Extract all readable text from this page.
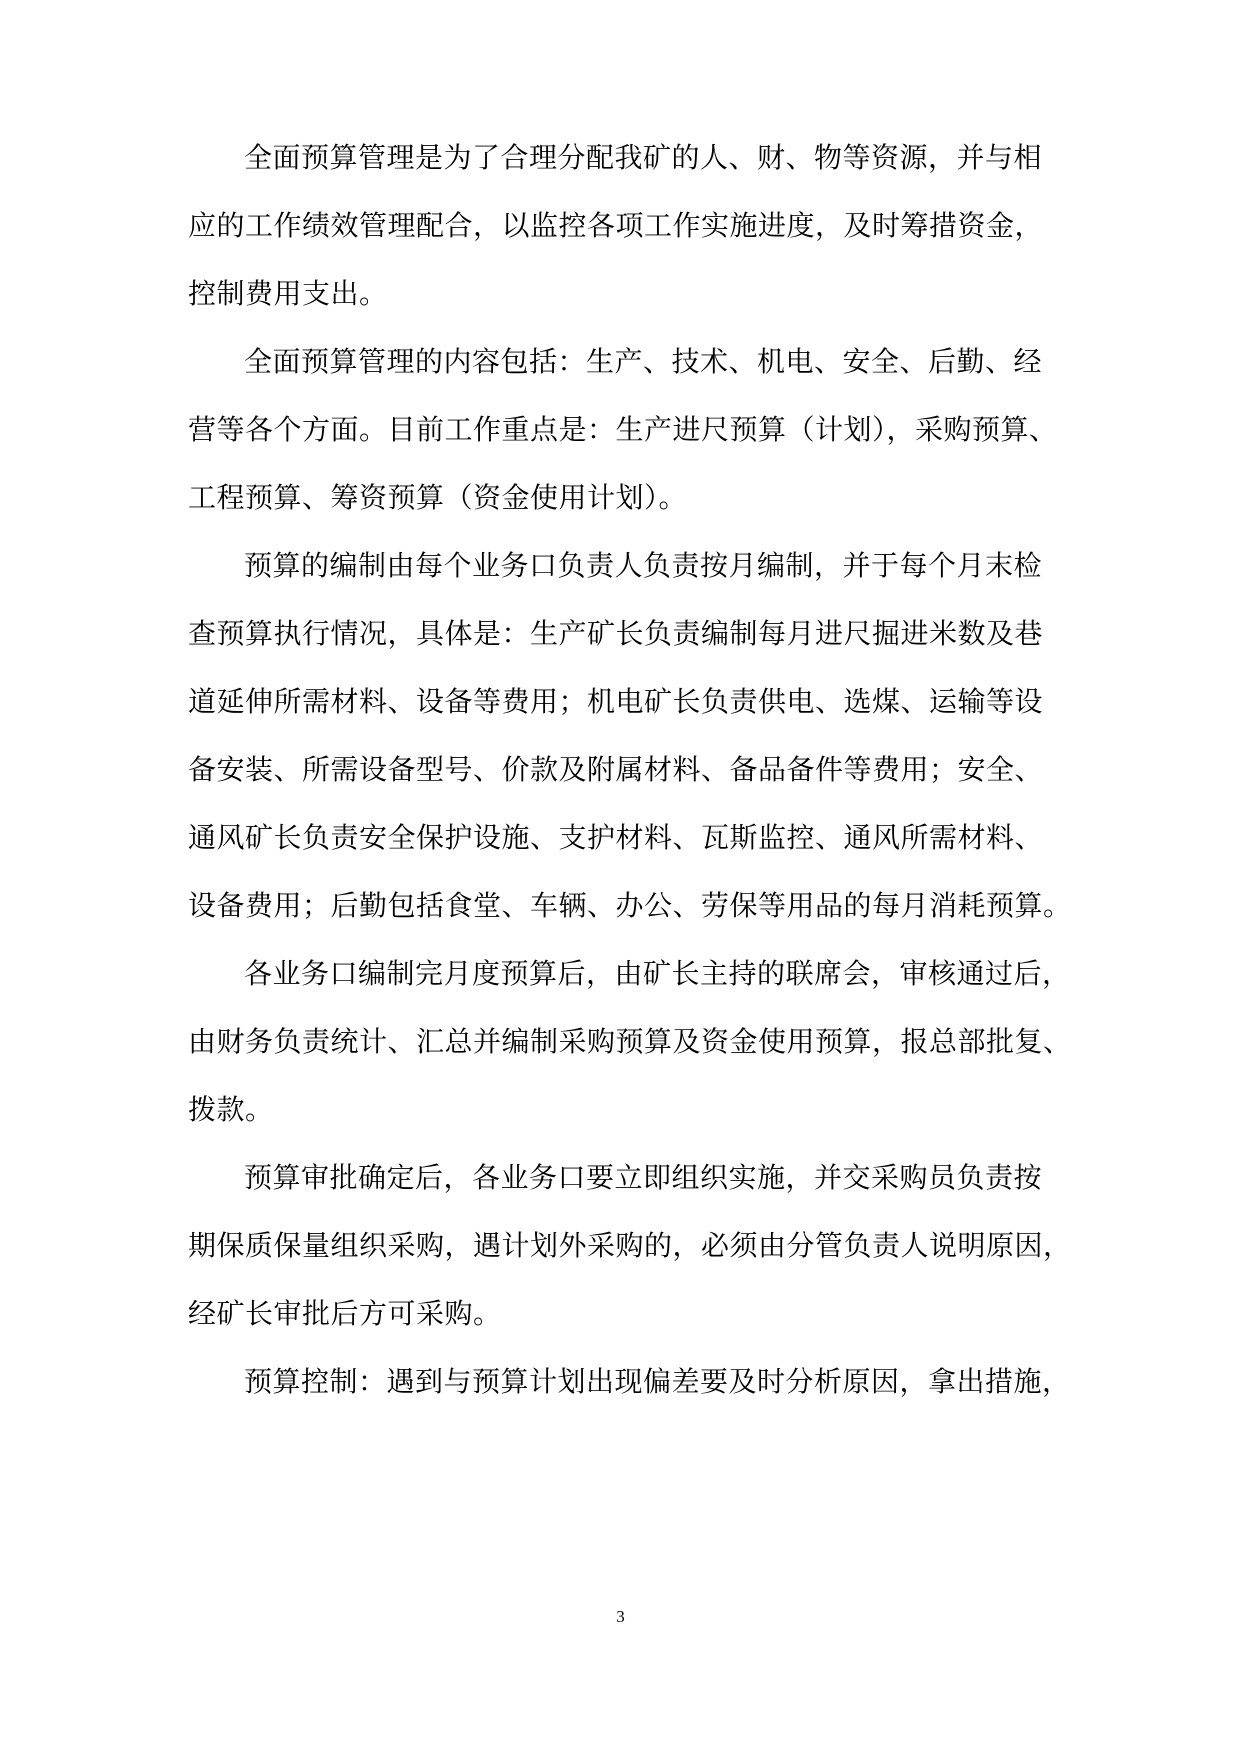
全面预算管理是为了合理分配我矿的人、财、物等资源，并与相
应的工作绩效管理配合，以监控各项工作实施进度，及时筹措资金，
控制费用支出。
全面预算管理的内容包括：生产、技术、机电、安全、后勤、经
营等各个方面。目前工作重点是：生产进尺预算（计划），采购预算、
工程预算、筹资预算（资金使用计划）。
预算的编制由每个业务口负责人负责按月编制，并于每个月末检
查预算执行情况，具体是：生产矿长负责编制每月进尺掘进米数及巷
道延伸所需材料、设备等费用；机电矿长负责供电、选煤、运输等设
备安装、所需设备型号、价款及附属材料、备品备件等费用；安全、
通风矿长负责安全保护设施、支护材料、瓦斯监控、通风所需材料、
设备费用；后勤包括食堂、车辆、办公、劳保等用品的每月消耗预算。
各业务口编制完月度预算后，由矿长主持的联席会，审核通过后，
由财务负责统计、汇总并编制采购预算及资金使用预算，报总部批复、
拨款。
预算审批确定后，各业务口要立即组织实施，并交采购员负责按
期保质保量组织采购，遇计划外采购的，必须由分管负责人说明原因，
经矿长审批后方可采购。
预算控制：遇到与预算计划出现偏差要及时分析原因，拿出措施，
3
